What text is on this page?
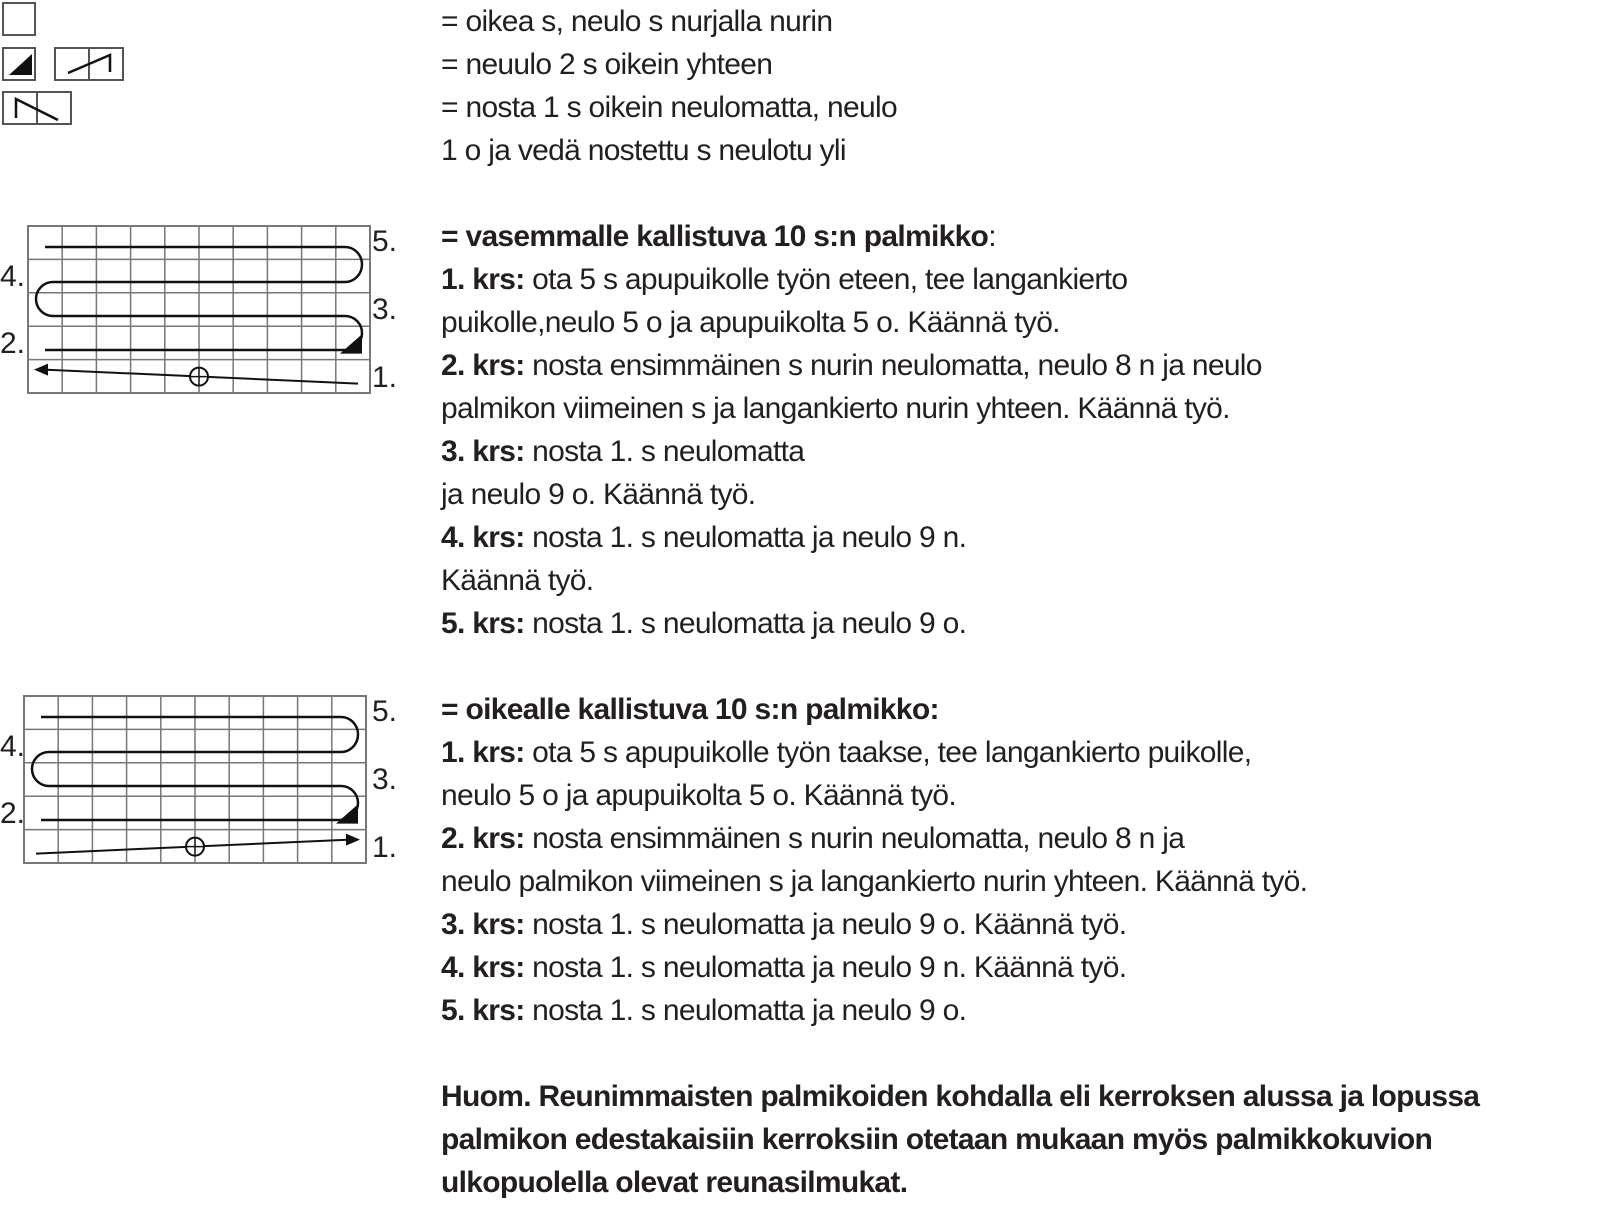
= oikea s, neulo s nurjalla nurin
= neuulo 2 s oikein yhteen
= nosta 1 s oikein neulomatta, neulo
1 o ja vedä nostettu s neulotu yli
5.
4.
3.
2.
1.
= vasemmalle kallistuva 10 s:n palmikko:
1. krs: ota 5 s apupuikolle työn eteen, tee langankierto
puikolle,neulo 5 o ja apupuikolta 5 o. Käännä työ.
2. krs: nosta ensimmäinen s nurin neulomatta, neulo 8 n ja neulo
palmikon viimeinen s ja langankierto nurin yhteen. Käännä työ.
3. krs: nosta 1. s neulomatta
ja neulo 9 o. Käännä työ.
4. krs: nosta 1. s neulomatta ja neulo 9 n.
Käännä työ.
5. krs: nosta 1. s neulomatta ja neulo 9 o.
5.
4.
3.
2.
1.
= oikealle kallistuva 10 s:n palmikko:
1. krs: ota 5 s apupuikolle työn taakse, tee langankierto puikolle,
neulo 5 o ja apupuikolta 5 o. Käännä työ.
2. krs: nosta ensimmäinen s nurin neulomatta, neulo 8 n ja
neulo palmikon viimeinen s ja langankierto nurin yhteen. Käännä työ.
3. krs: nosta 1. s neulomatta ja neulo 9 o. Käännä työ.
4. krs: nosta 1. s neulomatta ja neulo 9 n. Käännä työ.
5. krs: nosta 1. s neulomatta ja neulo 9 o.
Huom. Reunimmaisten palmikoiden kohdalla eli kerroksen alussa ja lopussa
palmikon edestakaisiin kerroksiin otetaan mukaan myös palmikkokuvion
ulkopuolella olevat reunasilmukat.
